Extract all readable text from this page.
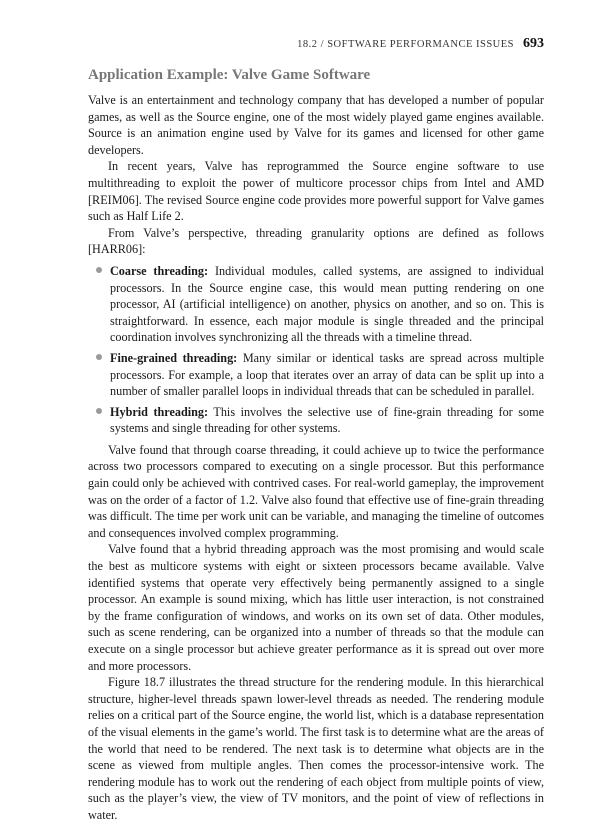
18.2 / SOFTWARE PERFORMANCE ISSUES 693
Application Example: Valve Game Software

Valve is an entertainment and technology company that has developed a number of popular games, as well as the Source engine, one of the most widely played game engines available. Source is an animation engine used by Valve for its games and licensed for other game developers.

In recent years, Valve has reprogrammed the Source engine software to use multithreading to exploit the power of multicore processor chips from Intel and AMD [REIM06]. The revised Source engine code provides more powerful support for Valve games such as Half Life 2.

From Valve’s perspective, threading granularity options are defined as follows [HARR06]:

Coarse threading: Individual modules, called systems, are assigned to individual processors. In the Source engine case, this would mean putting rendering on one processor, AI (artificial intelligence) on another, physics on another, and so on. This is straightforward. In essence, each major module is single threaded and the principal coordination involves synchronizing all the threads with a timeline thread.
Fine-grained threading: Many similar or identical tasks are spread across multiple processors. For example, a loop that iterates over an array of data can be split up into a number of smaller parallel loops in individual threads that can be scheduled in parallel.
Hybrid threading: This involves the selective use of fine-grain threading for some systems and single threading for other systems.

Valve found that through coarse threading, it could achieve up to twice the performance across two processors compared to executing on a single processor. But this performance gain could only be achieved with contrived cases. For real-world gameplay, the improvement was on the order of a factor of 1.2. Valve also found that effective use of fine-grain threading was difficult. The time per work unit can be variable, and managing the timeline of outcomes and consequences involved complex programming.

Valve found that a hybrid threading approach was the most promising and would scale the best as multicore systems with eight or sixteen processors became available. Valve identified systems that operate very effectively being permanently assigned to a single processor. An example is sound mixing, which has little user interaction, is not constrained by the frame configuration of windows, and works on its own set of data. Other modules, such as scene rendering, can be organized into a number of threads so that the module can execute on a single processor but achieve greater performance as it is spread out over more and more processors.

Figure 18.7 illustrates the thread structure for the rendering module. In this hierarchical structure, higher-level threads spawn lower-level threads as needed. The rendering module relies on a critical part of the Source engine, the world list, which is a database representation of the visual elements in the game’s world. The first task is to determine what are the areas of the world that need to be rendered. The next task is to determine what objects are in the scene as viewed from multiple angles. Then comes the processor-intensive work. The rendering module has to work out the rendering of each object from multiple points of view, such as the player’s view, the view of TV monitors, and the point of view of reflections in water.
